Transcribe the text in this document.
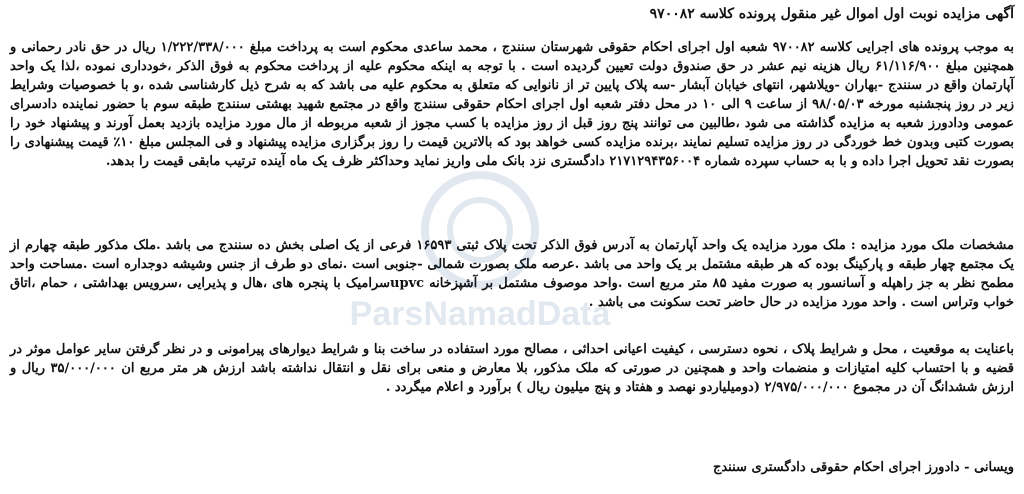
آگهی مزایده نوبت اول اموال غیر منقول پرونده کلاسه ۹۷۰۰۸۲
به موجب پرونده های اجرایی کلاسه ۹۷۰۰۸۲ شعبه اول اجرای احکام حقوقی شهرستان سنندج ، محمد ساعدی محکوم است به پرداخت مبلغ ۱/۲۲۲/۳۳۸/۰۰۰ ریال در حق نادر رحمانی و همچنین مبلغ ۶۱/۱۱۶/۹۰۰ ریال هزینه نیم عشر در حق صندوق دولت تعیین گردیده است . با توجه به اینکه محکوم علیه از پرداخت محکوم به فوق الذکر ،خودداری نموده ،لذا یک واحد آپارتمان واقع در سنندج -بهاران -ویلاشهر، انتهای خیابان آبشار -سه پلاک پایین تر از نانوایی که متعلق به محکوم علیه می باشد که به شرح ذیل کارشناسی شده ،و با خصوصیات وشرایط زیر در روز پنجشنبه مورخه ۹۸/۰۵/۰۳ از ساعت ۹ الی ۱۰ در محل دفتر شعبه اول اجرای احکام حقوقی سنندج واقع در مجتمع شهید بهشتی سنندج طبقه سوم با حضور نماینده دادسرای عمومی ودادورز شعبه به مزایده گذاشته می شود ،طالبین می توانند پنج روز قبل از روز مزایده با کسب مجوز از شعبه مربوطه از مال مورد مزایده بازدید بعمل آورند و پیشنهاد خود را بصورت کتبی وبدون خط خوردگی در روز مزایده تسلیم نمایند ،برنده مزایده کسی خواهد بود که بالاترین قیمت را روز برگزاری مزایده پیشنهاد و فی المجلس مبلغ ۱۰٪ قیمت پیشنهادی را بصورت نقد تحویل اجرا داده و با به حساب سپرده شماره ۲۱۷۱۲۹۴۳۵۶۰۰۴ دادگستری نزد بانک ملی واریز نماید وحداکثر ظرف یک ماه آینده ترتیب مابقی قیمت را بدهد.
مشخصات ملک مورد مزایده : ملک مورد مزایده یک واحد آپارتمان به آدرس فوق الذکر تحت پلاک ثبتی ۱۶۵۹۳ فرعی از یک اصلی بخش ده سنندج می باشد .ملک مذکور طبقه چهارم از یک مجتمع چهار طبقه و پارکینگ بوده که هر طبقه مشتمل بر یک واحد می باشد .عرصه ملک بصورت شمالی -جنوبی است .نمای دو طرف از جنس وشیشه دوجداره است .مساحت واحد مطمح نظر به جز راهپله و آسانسور به صورت مفید ۸۵ متر مربع است .واحد موصوف مشتمل بر آشپزخانه upvcسرامیک با پنجره های ،هال و پذیرایی ،سرویس بهداشتی ، حمام ،اتاق خواب وتراس است . واحد مورد مزایده در حال حاضر تحت سکونت می باشد .
باعنایت به موقعیت ، محل و شرایط پلاک ، نحوه دسترسی ، کیفیت اعیانی احداثی ، مصالح مورد استفاده در ساخت بنا و شرایط دیوارهای پیرامونی و در نظر گرفتن سایر عوامل موثر در قضیه و با احتساب کلیه امتیازات و منضمات واحد و همچنین در صورتی که ملک مذکور، بلا معارض و منعی برای نقل و انتقال نداشته باشد ارزش هر متر مربع ان ۳۵/۰۰۰/۰۰۰ ریال و ارزش ششدانگ آن در مجموع ۲/۹۷۵/۰۰۰/۰۰۰ (دومیلیاردو نهصد و هفتاد و پنج میلیون ریال ) برآورد و اعلام میگردد .
ویسانی - دادورز اجرای احکام حقوقی دادگستری سنندج
ParsNamadData
